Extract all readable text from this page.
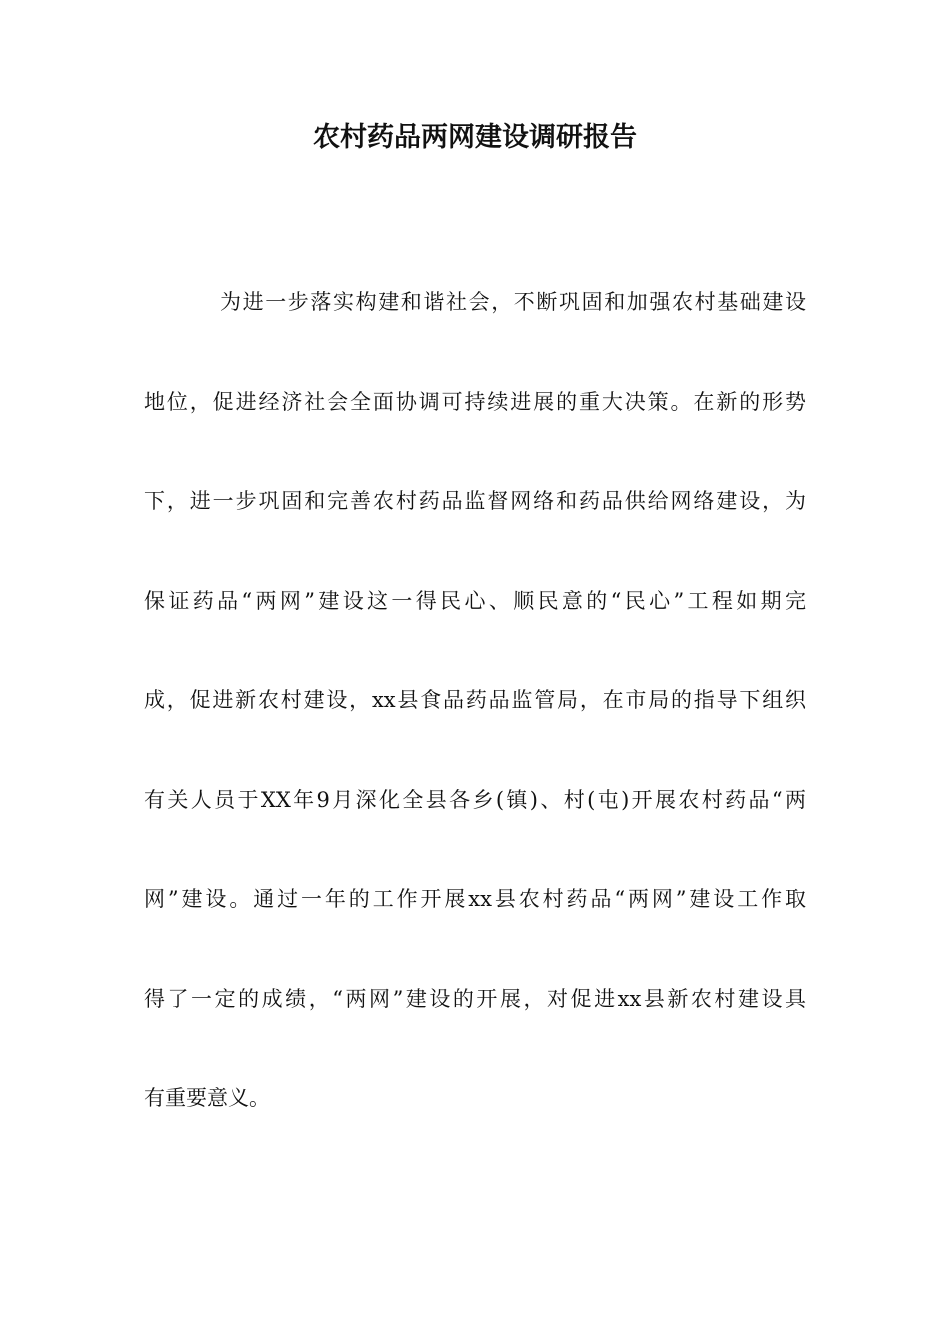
农村药品两网建设调研报告
为进一步落实构建和谐社会，不断巩固和加强农村基础建设
地位，促进经济社会全面协调可持续进展的重大决策。在新的形势
下，进一步巩固和完善农村药品监督网络和药品供给网络建设，为
保证药品“两网”建设这一得民心、顺民意的“民心”工程如期完
成，促进新农村建设，xx县食品药品监管局，在市局的指导下组织
有关人员于XX年9月深化全县各乡(镇)、村(屯)开展农村药品“两
网”建设。通过一年的工作开展xx县农村药品“两网”建设工作取
得了一定的成绩，“两网”建设的开展，对促进xx县新农村建设具
有重要意义。
